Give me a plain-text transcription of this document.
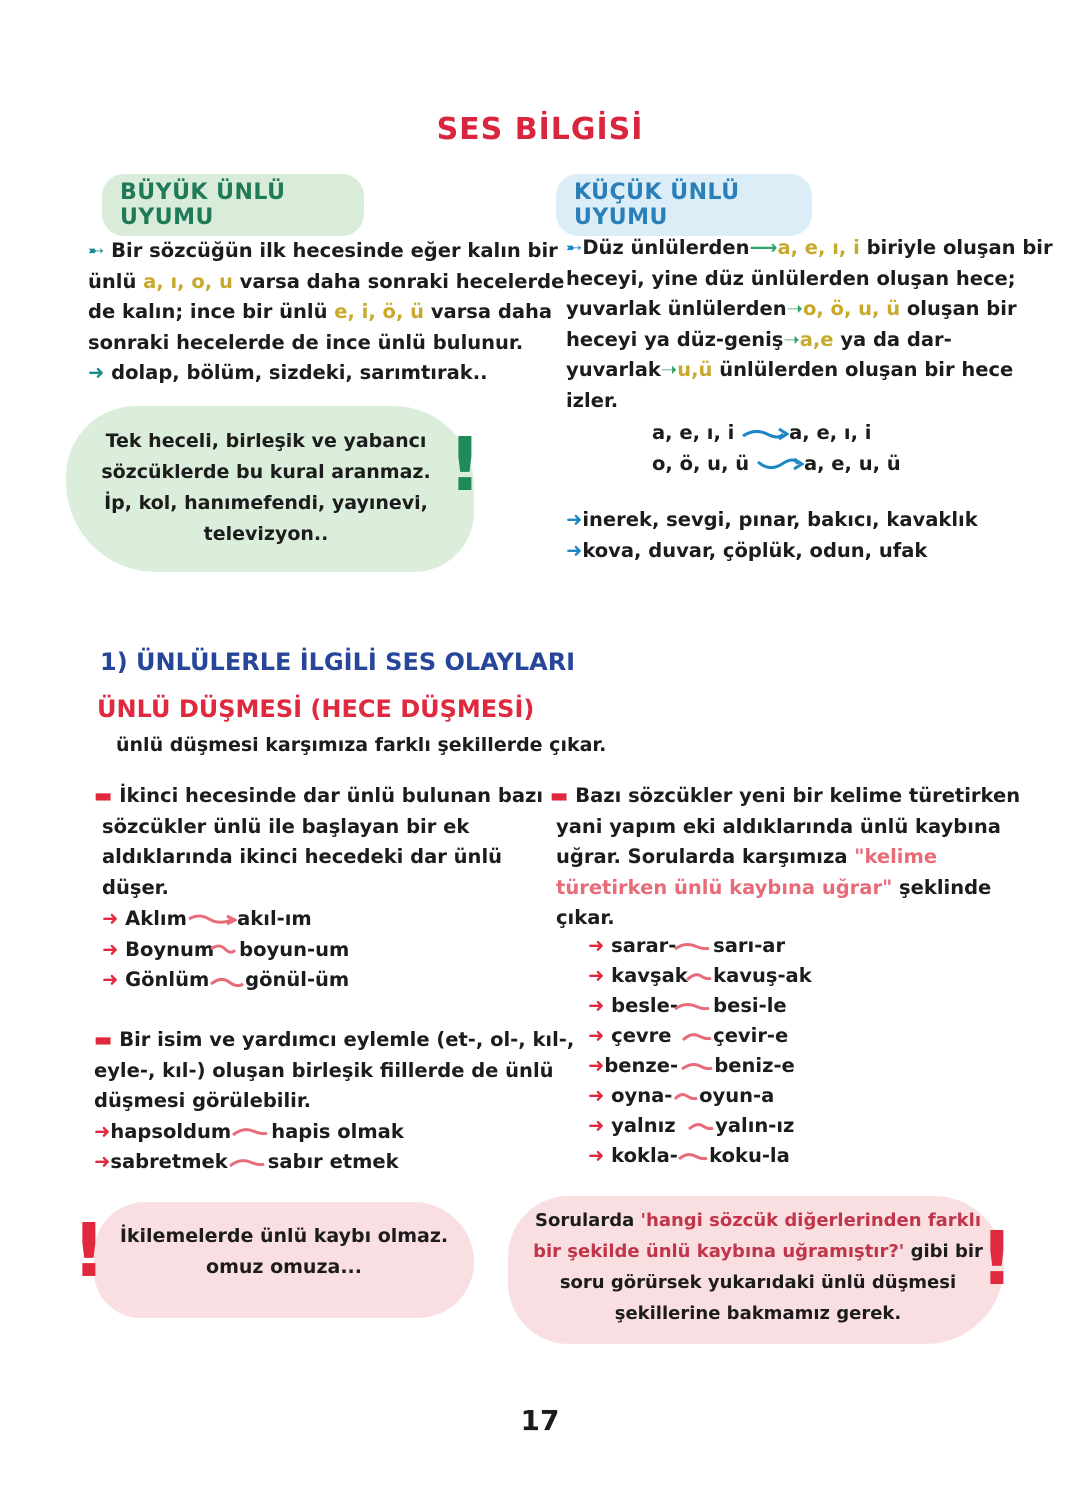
SES BİLGİSİ
BÜYÜK ÜNLÜ UYUMU
KÜÇÜK ÜNLÜ UYUMU
➸ Bir sözcüğün ilk hecesinde eğer kalın bir
ünlü a, ı, o, u varsa daha sonraki hecelerde
de kalın; ince bir ünlü e, i, ö, ü varsa daha
sonraki hecelerde de ince ünlü bulunur.
➜ dolap, bölüm, sizdeki, sarımtırak..
Tek heceli, birleşik ve yabancı
sözcüklerde bu kural aranmaz.
İp, kol, hanımefendi, yayınevi,
televizyon..
!
➸Düz ünlülerden⟶a, e, ı, i biriyle oluşan bir
heceyi, yine düz ünlülerden oluşan hece;
yuvarlak ünlülerden➝o, ö, u, ü oluşan bir
heceyi ya düz-geniş➝a,e ya da dar-
yuvarlak➝u,ü ünlülerden oluşan bir hece
izler.
a, e, ı, i	a, e, ı, i
o, ö, u, ü	a, e, u, ü
➜inerek, sevgi, pınar, bakıcı, kavaklık
➜kova, duvar, çöplük, odun, ufak
1) ÜNLÜLERLE İLGİLİ SES OLAYLARI
ÜNLÜ DÜŞMESİ (HECE DÜŞMESİ)
ünlü düşmesi karşımıza farklı şekillerde çıkar.
▬ İkinci hecesinde dar ünlü bulunan bazı
sözcükler ünlü ile başlayan bir ek
aldıklarında ikinci hecedeki dar ünlü
düşer.
➜ Aklım	akıl-ım
➜ Boynum boyun-um
➜ Gönlüm gönül-üm
▬ Bir isim ve yardımcı eylemle (et-, ol-, kıl-,
eyle-, kıl-) oluşan birleşik fiillerde de ünlü
düşmesi görülebilir.
➜hapsoldum hapis olmak
➜sabretmek sabır etmek
▬ Bazı sözcükler yeni bir kelime türetirken
yani yapım eki aldıklarında ünlü kaybına
uğrar. Sorularda karşımıza "kelime
türetirken ünlü kaybına uğrar" şeklinde
çıkar.
➜ sarar- sarı-ar
➜ kavşak kavuş-ak
➜ besle- besi-le
➜ çevre çevir-e
➜benze- beniz-e
➜ oyna- oyun-a
➜ yalnız yalın-ız
➜ kokla- koku-la
İkilemelerde ünlü kaybı olmaz.
omuz omuza...
!	Sorularda 'hangi sözcük diğerlerinden farklı
bir şekilde ünlü kaybına uğramıştır?' gibi bir
soru görürsek yukarıdaki ünlü düşmesi
şekillerine bakmamız gerek.
!
17
